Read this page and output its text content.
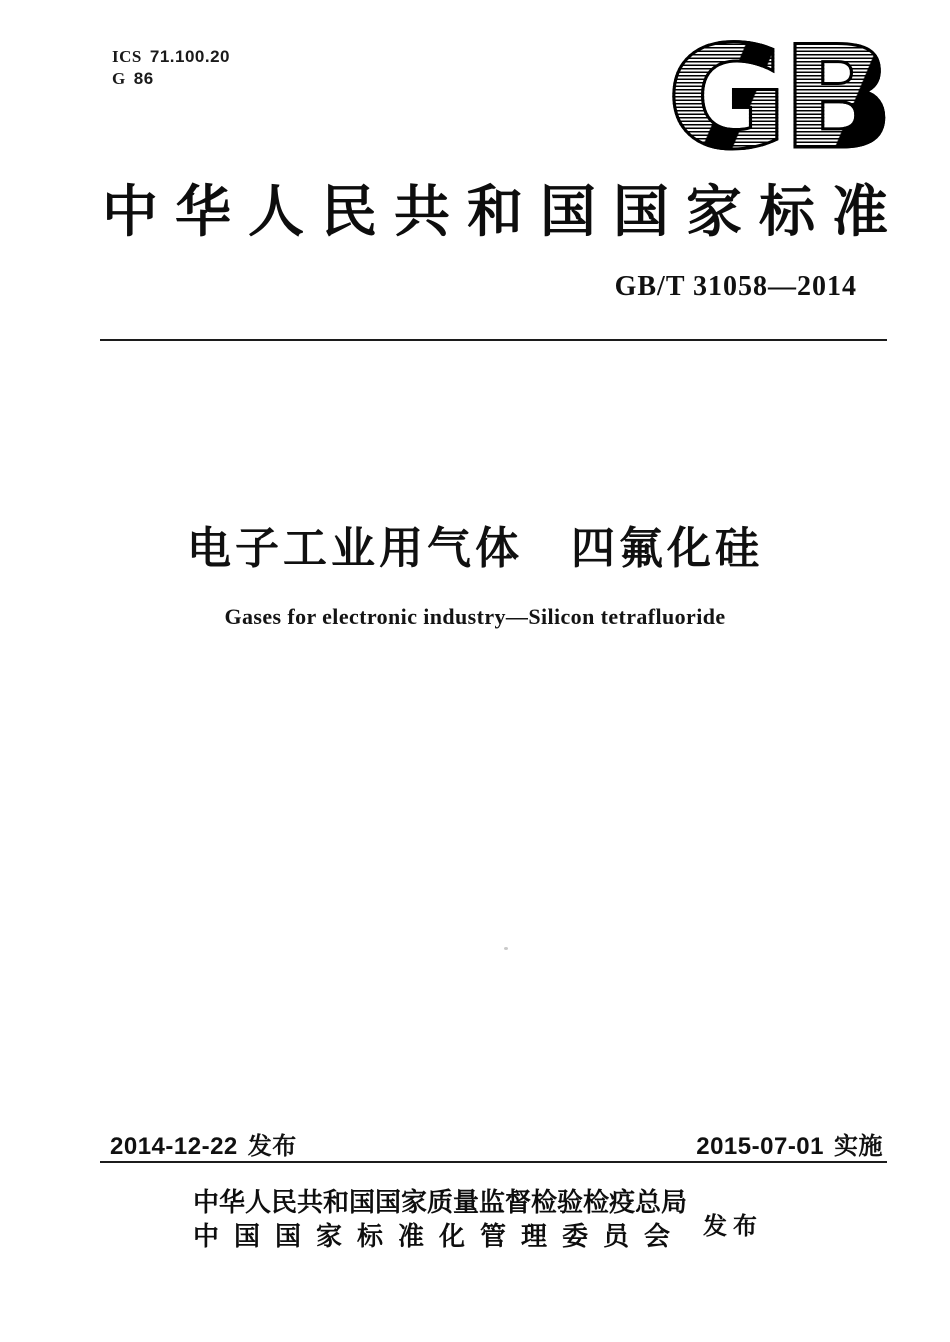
ICS 71.100.20
G 86	GB
中华人民共和国国家标准
GB/T 31058—2014
电子工业用气体　四氟化硅
Gases for electronic industry—Silicon tetrafluoride
2014-12-22 发布	2015-07-01 实施
中华人民共和国国家质量监督检验检疫总局
中国国家标准化管理委员会 发 布
